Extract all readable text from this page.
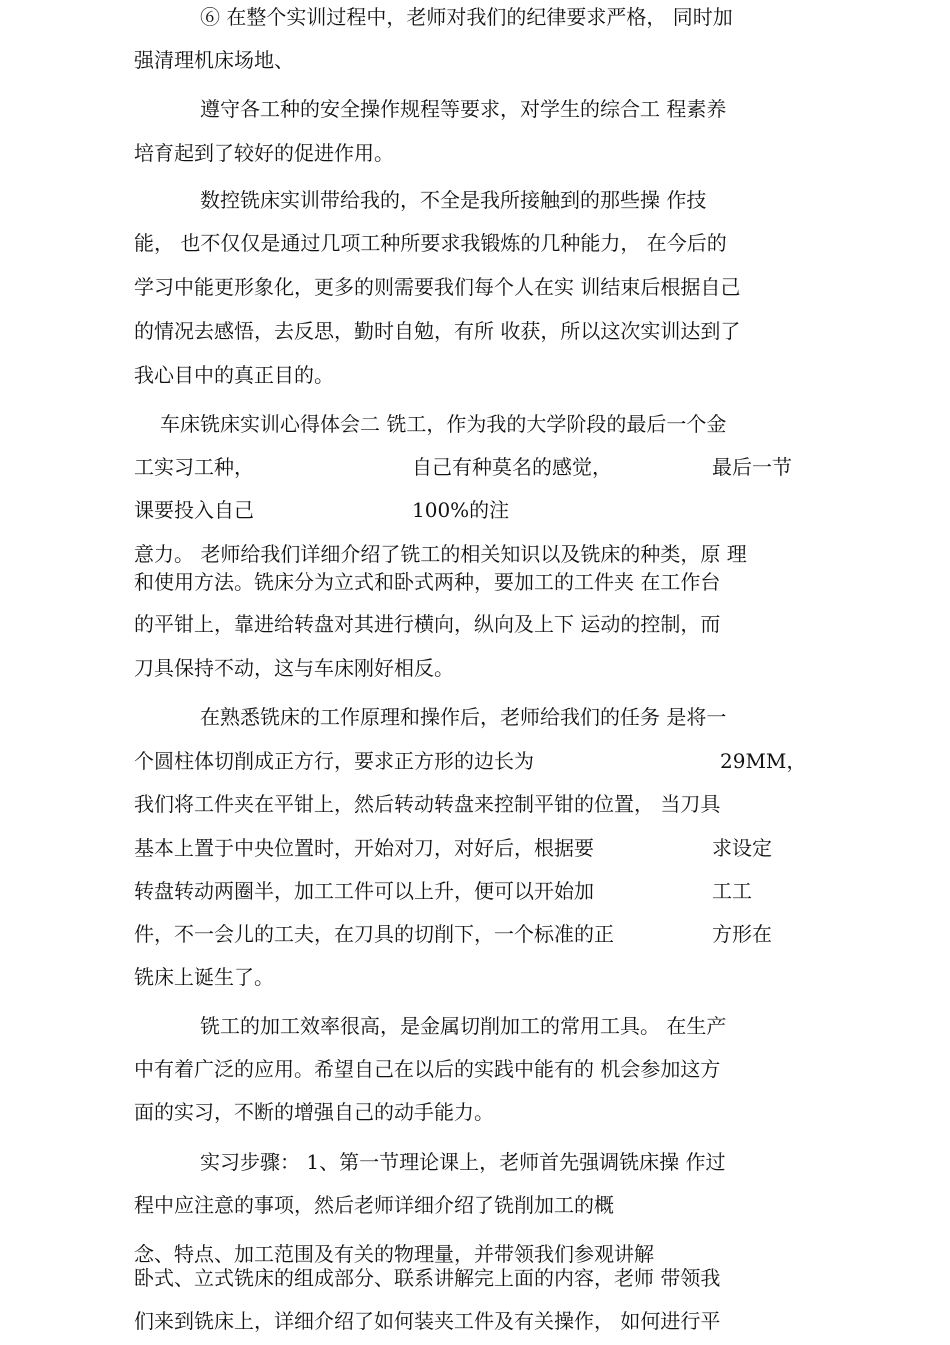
⑥ 在整个实训过程中，老师对我们的纪律要求严格， 同时加
强清理机床场地、
遵守各工种的安全操作规程等要求，对学生的综合工 程素养
培育起到了较好的促进作用。
数控铣床实训带给我的，不全是我所接触到的那些操 作技
能， 也不仅仅是通过几项工种所要求我锻炼的几种能力， 在今后的
学习中能更形象化，更多的则需要我们每个人在实 训结束后根据自己
的情况去感悟，去反思，勤时自勉，有所 收获，所以这次实训达到了
我心目中的真正目的。
车床铣床实训心得体会二 铣工，作为我的大学阶段的最后一个金
工实习工种，	自己有种莫名的感觉，	最后一节
课要投入自己	100%的注
意力。 老师给我们详细介绍了铣工的相关知识以及铣床的种类，原 理
和使用方法。铣床分为立式和卧式两种，要加工的工件夹 在工作台
的平钳上，靠进给转盘对其进行横向，纵向及上下 运动的控制，而
刀具保持不动，这与车床刚好相反。
在熟悉铣床的工作原理和操作后，老师给我们的任务 是将一
个圆柱体切削成正方行，要求正方形的边长为	29MM，
我们将工件夹在平钳上，然后转动转盘来控制平钳的位置， 当刀具
基本上置于中央位置时，开始对刀，对好后，根据要	求设定
转盘转动两圈半，加工工件可以上升，便可以开始加	工工
件，不一会儿的工夫，在刀具的切削下，一个标准的正	方形在
铣床上诞生了。
铣工的加工效率很高，是金属切削加工的常用工具。 在生产
中有着广泛的应用。希望自己在以后的实践中能有的 机会参加这方
面的实习，不断的增强自己的动手能力。
实习步骤： 1、第一节理论课上，老师首先强调铣床操 作过
程中应注意的事项，然后老师详细介绍了铣削加工的概
念、特点、加工范围及有关的物理量，并带领我们参观讲解
卧式、立式铣床的组成部分、联系讲解完上面的内容，老师 带领我
们来到铣床上，详细介绍了如何装夹工件及有关操作， 如何进行平
